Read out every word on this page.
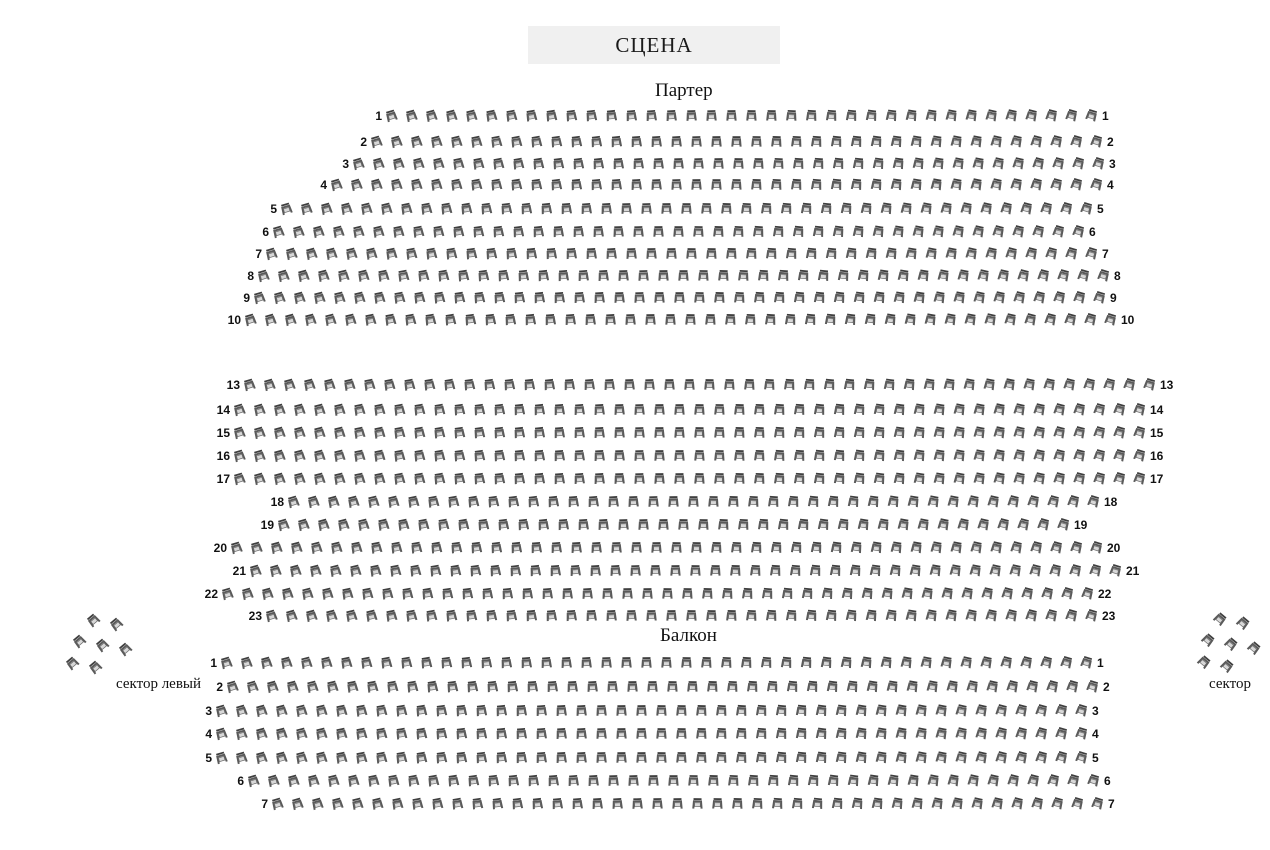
СЦЕНА
Партер
Балкон
1	1
2	2
3	3
4	4
5	5
6	6
7	7
8	8
9	9
10	10
13	13
14	14
15	15
16	16
17	17
18	18
19	19
20	20
21	21
22	22
23	23
1	1
2	2
3	3
4	4
5	5
6	6
7	7
сектор левый	сектор
